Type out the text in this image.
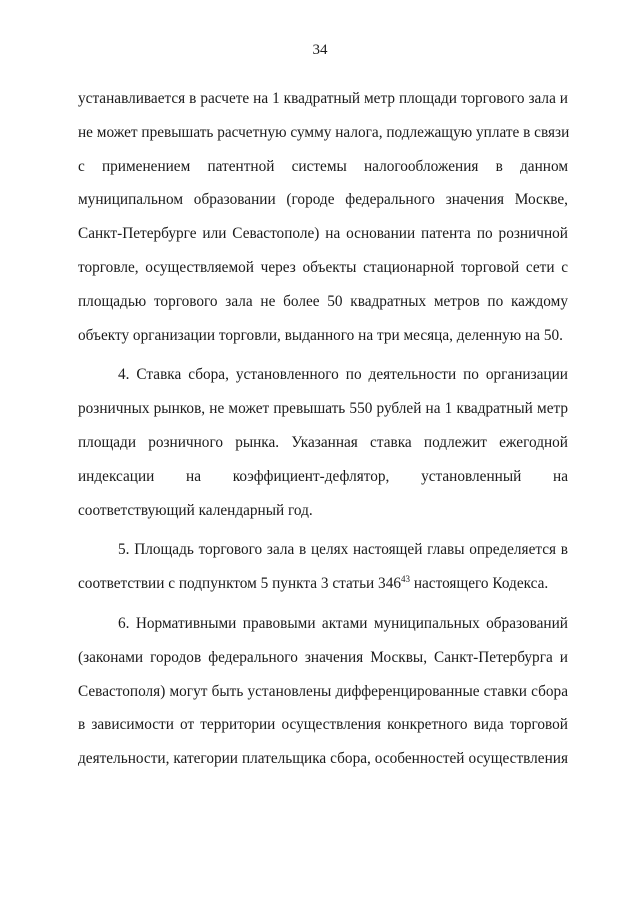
34

устанавливается в расчете на 1 квадратный метр площади торгового зала и
не может превышать расчетную сумму налога, подлежащую уплате в связи
с применением патентной системы налогообложения в данном
муниципальном образовании (городе федерального значения Москве,
Санкт-Петербурге или Севастополе) на основании патента по розничной
торговле, осуществляемой через объекты стационарной торговой сети с
площадью торгового зала не более 50 квадратных метров по каждому
объекту организации торговли, выданного на три месяца, деленную на 50.

4. Ставка сбора, установленного по деятельности по организации
розничных рынков, не может превышать 550 рублей на 1 квадратный метр
площади розничного рынка. Указанная ставка подлежит ежегодной
индексации на коэффициент-дефлятор, установленный на
соответствующий календарный год.

5. Площадь торгового зала в целях настоящей главы определяется в
соответствии с подпунктом 5 пункта 3 статьи $346^{43}$ настоящего Кодекса.

6. Нормативными правовыми актами муниципальных образований
(законами городов федерального значения Москвы, Санкт-Петербурга и
Севастополя) могут быть установлены дифференцированные ставки сбора
в зависимости от территории осуществления конкретного вида торговой
деятельности, категории плательщика сбора, особенностей осуществления
